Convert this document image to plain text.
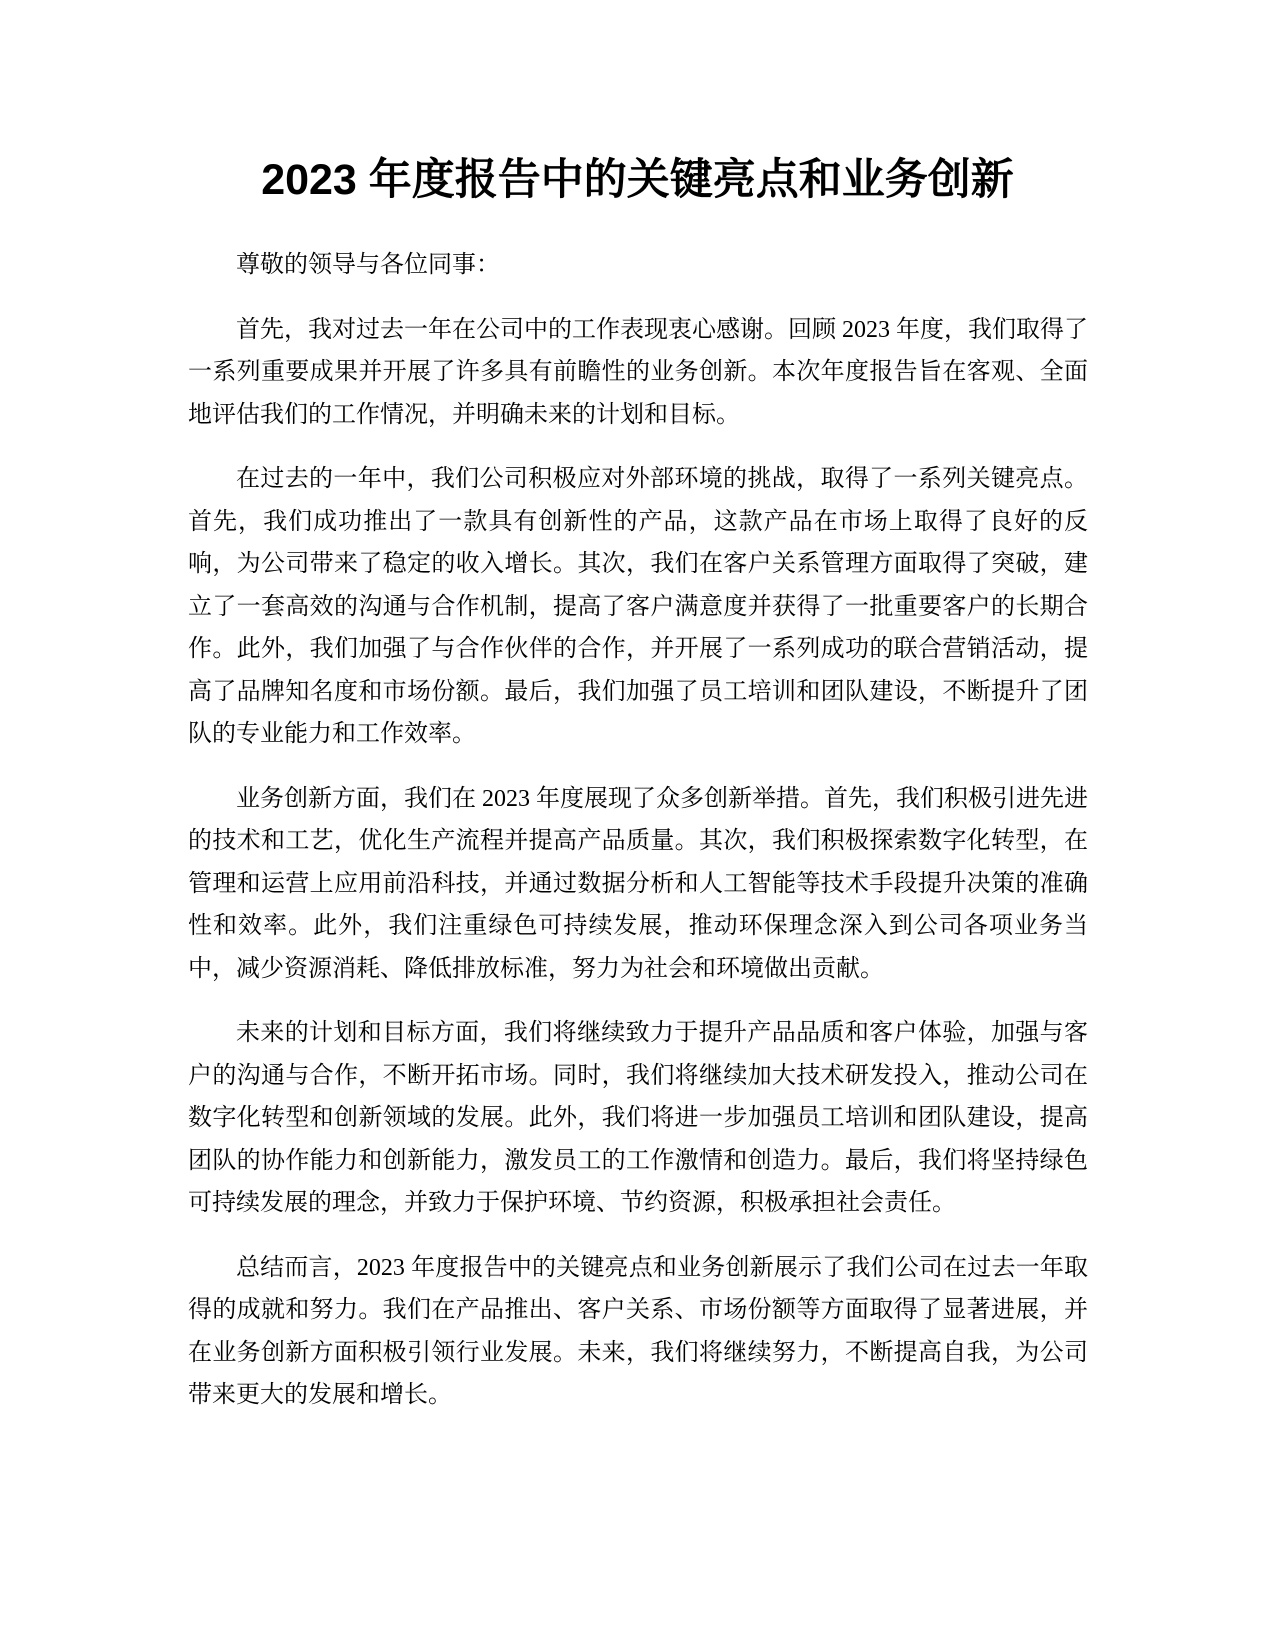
2023 年度报告中的关键亮点和业务创新

尊敬的领导与各位同事：

首先，我对过去一年在公司中的工作表现衷心感谢。回顾 2023 年度，我们取得了一系列重要成果并开展了许多具有前瞻性的业务创新。本次年度报告旨在客观、全面地评估我们的工作情况，并明确未来的计划和目标。

在过去的一年中，我们公司积极应对外部环境的挑战，取得了一系列关键亮点。首先，我们成功推出了一款具有创新性的产品，这款产品在市场上取得了良好的反响，为公司带来了稳定的收入增长。其次，我们在客户关系管理方面取得了突破，建立了一套高效的沟通与合作机制，提高了客户满意度并获得了一批重要客户的长期合作。此外，我们加强了与合作伙伴的合作，并开展了一系列成功的联合营销活动，提高了品牌知名度和市场份额。最后，我们加强了员工培训和团队建设，不断提升了团队的专业能力和工作效率。

业务创新方面，我们在 2023 年度展现了众多创新举措。首先，我们积极引进先进的技术和工艺，优化生产流程并提高产品质量。其次，我们积极探索数字化转型，在管理和运营上应用前沿科技，并通过数据分析和人工智能等技术手段提升决策的准确性和效率。此外，我们注重绿色可持续发展，推动环保理念深入到公司各项业务当中，减少资源消耗、降低排放标准，努力为社会和环境做出贡献。

未来的计划和目标方面，我们将继续致力于提升产品品质和客户体验，加强与客户的沟通与合作，不断开拓市场。同时，我们将继续加大技术研发投入，推动公司在数字化转型和创新领域的发展。此外，我们将进一步加强员工培训和团队建设，提高团队的协作能力和创新能力，激发员工的工作激情和创造力。最后，我们将坚持绿色可持续发展的理念，并致力于保护环境、节约资源，积极承担社会责任。

总结而言，2023 年度报告中的关键亮点和业务创新展示了我们公司在过去一年取得的成就和努力。我们在产品推出、客户关系、市场份额等方面取得了显著进展，并在业务创新方面积极引领行业发展。未来，我们将继续努力，不断提高自我，为公司带来更大的发展和增长。
